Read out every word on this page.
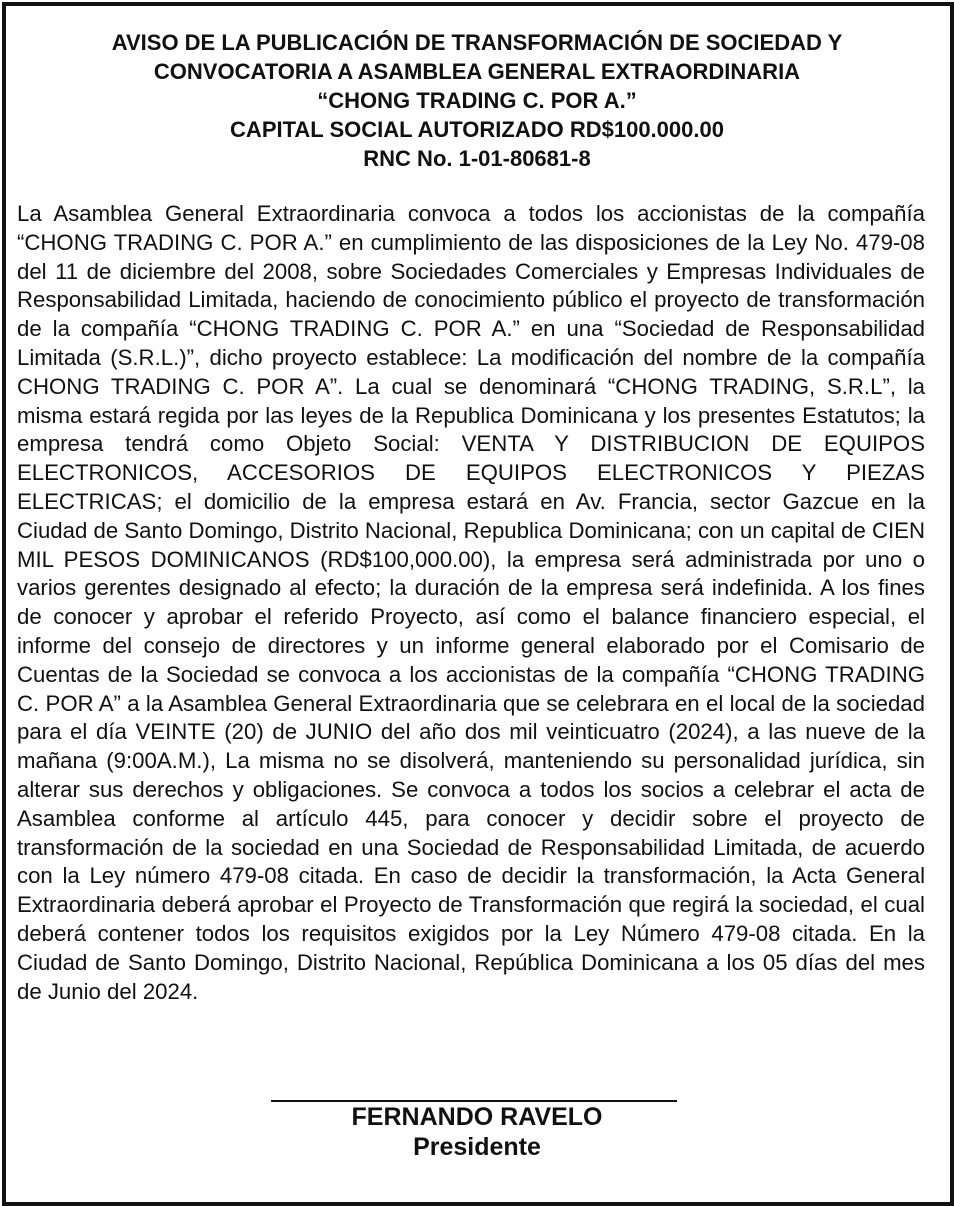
AVISO DE LA PUBLICACIÓN DE TRANSFORMACIÓN DE SOCIEDAD Y
CONVOCATORIA A ASAMBLEA GENERAL EXTRAORDINARIA
“CHONG TRADING C. POR A.”
CAPITAL SOCIAL AUTORIZADO RD$100.000.00
RNC No. 1-01-80681-8
La Asamblea General Extraordinaria convoca a todos los accionistas de la compañía “CHONG TRADING C. POR A.” en cumplimiento de las disposiciones de la Ley No. 479-08 del 11 de diciembre del 2008, sobre Sociedades Comerciales y Empresas Individuales de Responsabilidad Limitada, haciendo de conocimiento público el proyecto de transformación de la compañía “CHONG TRADING C. POR A.” en una “Sociedad de Responsabilidad Limitada (S.R.L.)”, dicho proyecto establece: La modificación del nombre de la compañía CHONG TRADING C. POR A”. La cual se denominará “CHONG TRADING, S.R.L”, la misma estará regida por las leyes de la Republica Dominicana y los presentes Estatutos; la empresa tendrá como Objeto Social: VENTA Y DISTRIBUCION DE EQUIPOS ELECTRONICOS, ACCESORIOS DE EQUIPOS ELECTRONICOS Y PIEZAS ELECTRICAS; el domicilio de la empresa estará en Av. Francia, sector Gazcue en la Ciudad de Santo Domingo, Distrito Nacional, Republica Dominicana; con un capital de CIEN MIL PESOS DOMINICANOS (RD$100,000.00), la empresa será administrada por uno o varios gerentes designado al efecto; la duración de la empresa será indefinida. A los fines de conocer y aprobar el referido Proyecto, así como el balance financiero especial, el informe del consejo de directores y un informe general elaborado por el Comisario de Cuentas de la Sociedad se convoca a los accionistas de la compañía “CHONG TRADING C. POR A” a la Asamblea General Extraordinaria que se celebrara en el local de la sociedad para el día VEINTE (20) de JUNIO del año dos mil veinticuatro (2024), a las nueve de la mañana (9:00A.M.), La misma no se disolverá, manteniendo su personalidad jurídica, sin alterar sus derechos y obligaciones. Se convoca a todos los socios a celebrar el acta de Asamblea conforme al artículo 445, para conocer y decidir sobre el proyecto de transformación de la sociedad en una Sociedad de Responsabilidad Limitada, de acuerdo con la Ley número 479-08 citada. En caso de decidir la transformación, la Acta General Extraordinaria deberá aprobar el Proyecto de Transformación que regirá la sociedad, el cual deberá contener todos los requisitos exigidos por la Ley Número 479-08 citada. En la Ciudad de Santo Domingo, Distrito Nacional, República Dominicana a los 05 días del mes de Junio del 2024.
FERNANDO RAVELO
Presidente
